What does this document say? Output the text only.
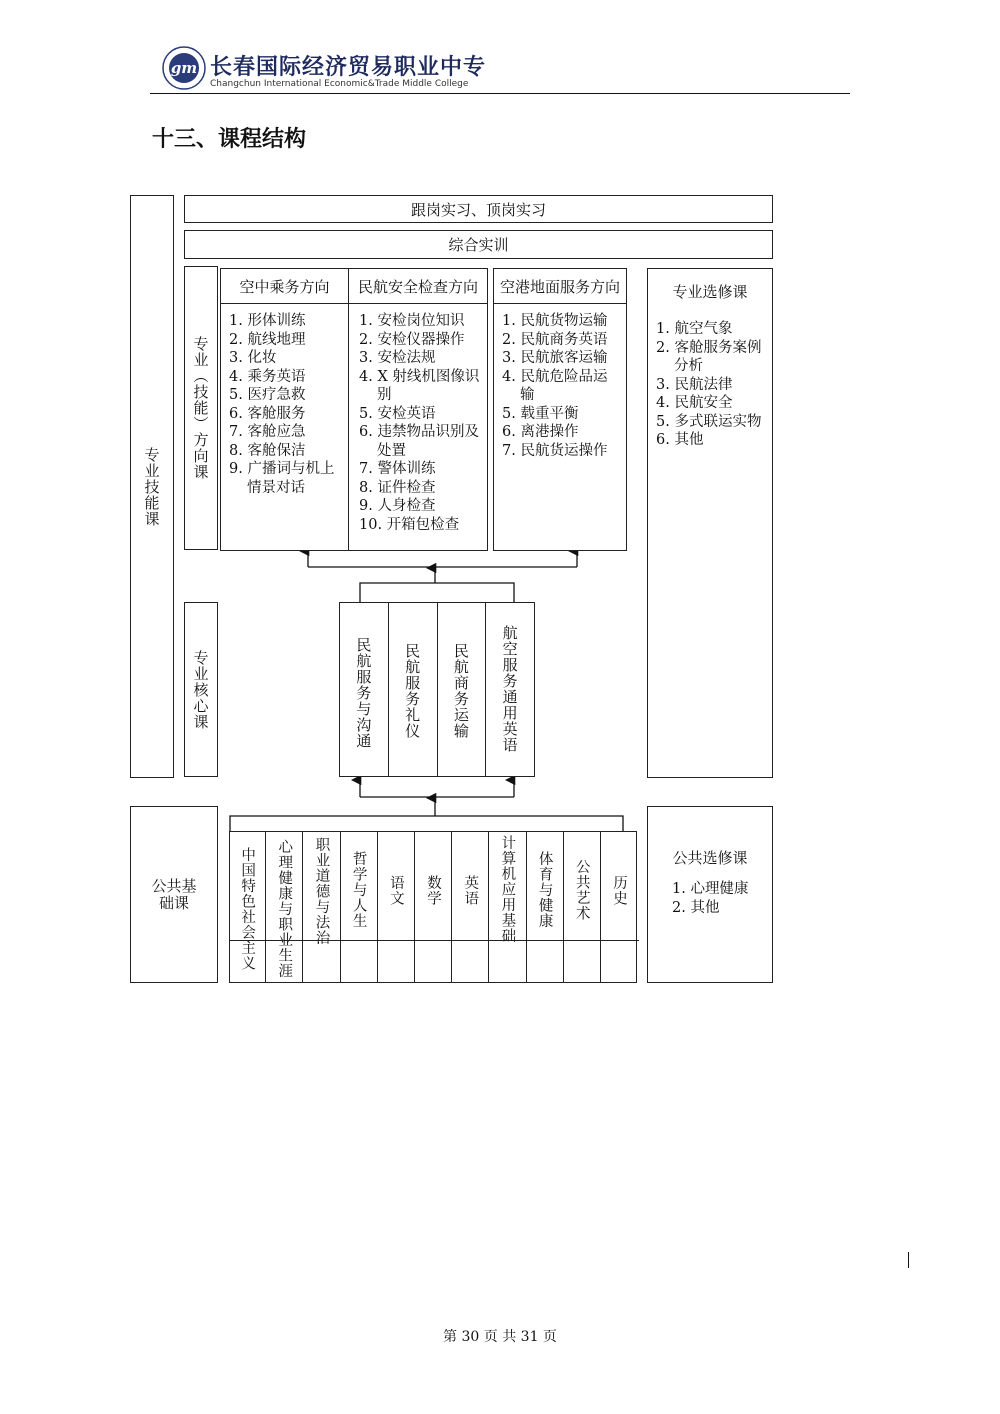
gm 长春国际经济贸易职业中专
Changchun International Economic&Trade Middle College
十三、课程结构
专业技能课
跟岗实习、顶岗实习
综合实训
专业（技能）方向课
空中乘务方向
1. 形体训练
2. 航线地理
3. 化妆
4. 乘务英语
5. 医疗急救
6. 客舱服务
7. 客舱应急
8. 客舱保洁
9. 广播词与机上情景对话
民航安全检查方向
1. 安检岗位知识
2. 安检仪器操作
3. 安检法规
4. X 射线机图像识别
5. 安检英语
6. 违禁物品识别及处置
7. 警体训练
8. 证件检查
9. 人身检查
10. 开箱包检查
空港地面服务方向
1. 民航货物运输
2. 民航商务英语
3. 民航旅客运输
4. 民航危险品运输
5. 载重平衡
6. 离港操作
7. 民航货运操作
专业选修课
1. 航空气象
2. 客舱服务案例分析
3. 民航法律
4. 民航安全
5. 多式联运实物
6. 其他
专业核心课	民航服务与沟通 民航服务礼仪 民航商务运输 航空服务通用英语
公共基础课	中国特色社会主义 心理健康与职业生涯 职业道德与法治 哲学与人生 语文 数学 英语 计算机应用基础 体育与健康 公共艺术 历史
公共选修课
1. 心理健康
2. 其他
第 30 页 共 31 页
